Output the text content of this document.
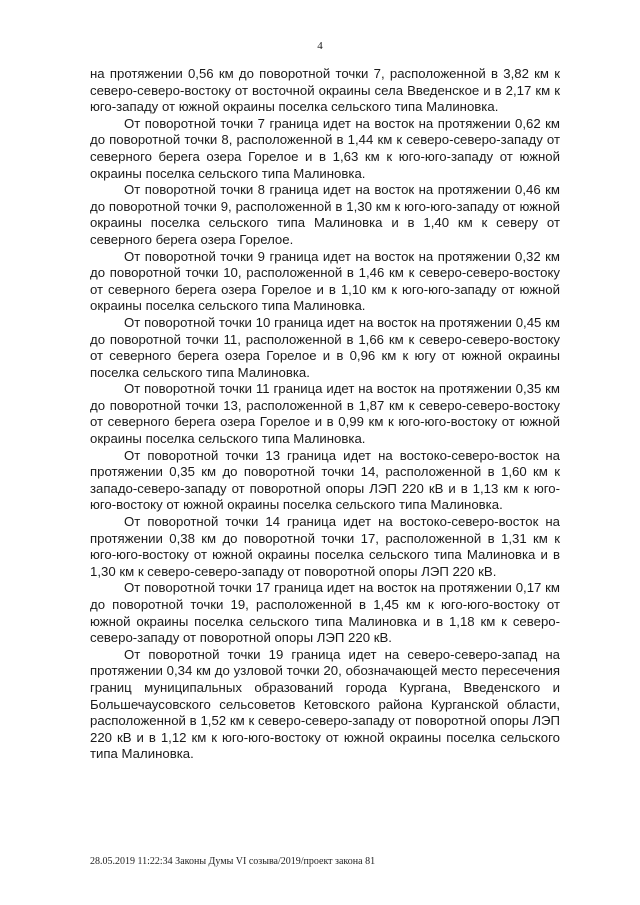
4

на протяжении 0,56 км до поворотной точки 7, расположенной в 3,82 км к северо-северо-востоку от восточной окраины села Введенское и в 2,17 км к юго-западу от южной окраины поселка сельского типа Малиновка.

От поворотной точки 7 граница идет на восток на протяжении 0,62 км до поворотной точки 8, расположенной в 1,44 км к северо-северо-западу от северного берега озера Горелое и в 1,63 км к юго-юго-западу от южной окраины поселка сельского типа Малиновка.

От поворотной точки 8 граница идет на восток на протяжении 0,46 км до поворотной точки 9, расположенной в 1,30 км к юго-юго-западу от южной окраины поселка сельского типа Малиновка и в 1,40 км к северу от северного берега озера Горелое.

От поворотной точки 9 граница идет на восток на протяжении 0,32 км до поворотной точки 10, расположенной в 1,46 км к северо-северо-востоку от северного берега озера Горелое и в 1,10 км к юго-юго-западу от южной окраины поселка сельского типа Малиновка.

От поворотной точки 10 граница идет на восток на протяжении 0,45 км до поворотной точки 11, расположенной в 1,66 км к северо-северо-востоку от северного берега озера Горелое и в 0,96 км к югу от южной окраины поселка сельского типа Малиновка.

От поворотной точки 11 граница идет на восток на протяжении 0,35 км до поворотной точки 13, расположенной в 1,87 км к северо-северо-востоку от северного берега озера Горелое и в 0,99 км к юго-юго-востоку от южной окраины поселка сельского типа Малиновка.

От поворотной точки 13 граница идет на востоко-северо-восток на протяжении 0,35 км до поворотной точки 14, расположенной в 1,60 км к западо-северо-западу от поворотной опоры ЛЭП 220 кВ и в 1,13 км к юго-юго-востоку от южной окраины поселка сельского типа Малиновка.

От поворотной точки 14 граница идет на востоко-северо-восток на протяжении 0,38 км до поворотной точки 17, расположенной в 1,31 км к юго-юго-востоку от южной окраины поселка сельского типа Малиновка и в 1,30 км к северо-северо-западу от поворотной опоры ЛЭП 220 кВ.

От поворотной точки 17 граница идет на восток на протяжении 0,17 км до поворотной точки 19, расположенной в 1,45 км к юго-юго-востоку от южной окраины поселка сельского типа Малиновка и в 1,18 км к северо-северо-западу от поворотной опоры ЛЭП 220 кВ.

От поворотной точки 19 граница идет на северо-северо-запад на протяжении 0,34 км до узловой точки 20, обозначающей место пересечения границ муниципальных образований города Кургана, Введенского и Большечаусовского сельсоветов Кетовского района Курганской области, расположенной в 1,52 км к северо-северо-западу от поворотной опоры ЛЭП 220 кВ и в 1,12 км к юго-юго-востоку от южной окраины поселка сельского типа Малиновка.

28.05.2019 11:22:34 Законы Думы VI созыва/2019/проект закона 81
